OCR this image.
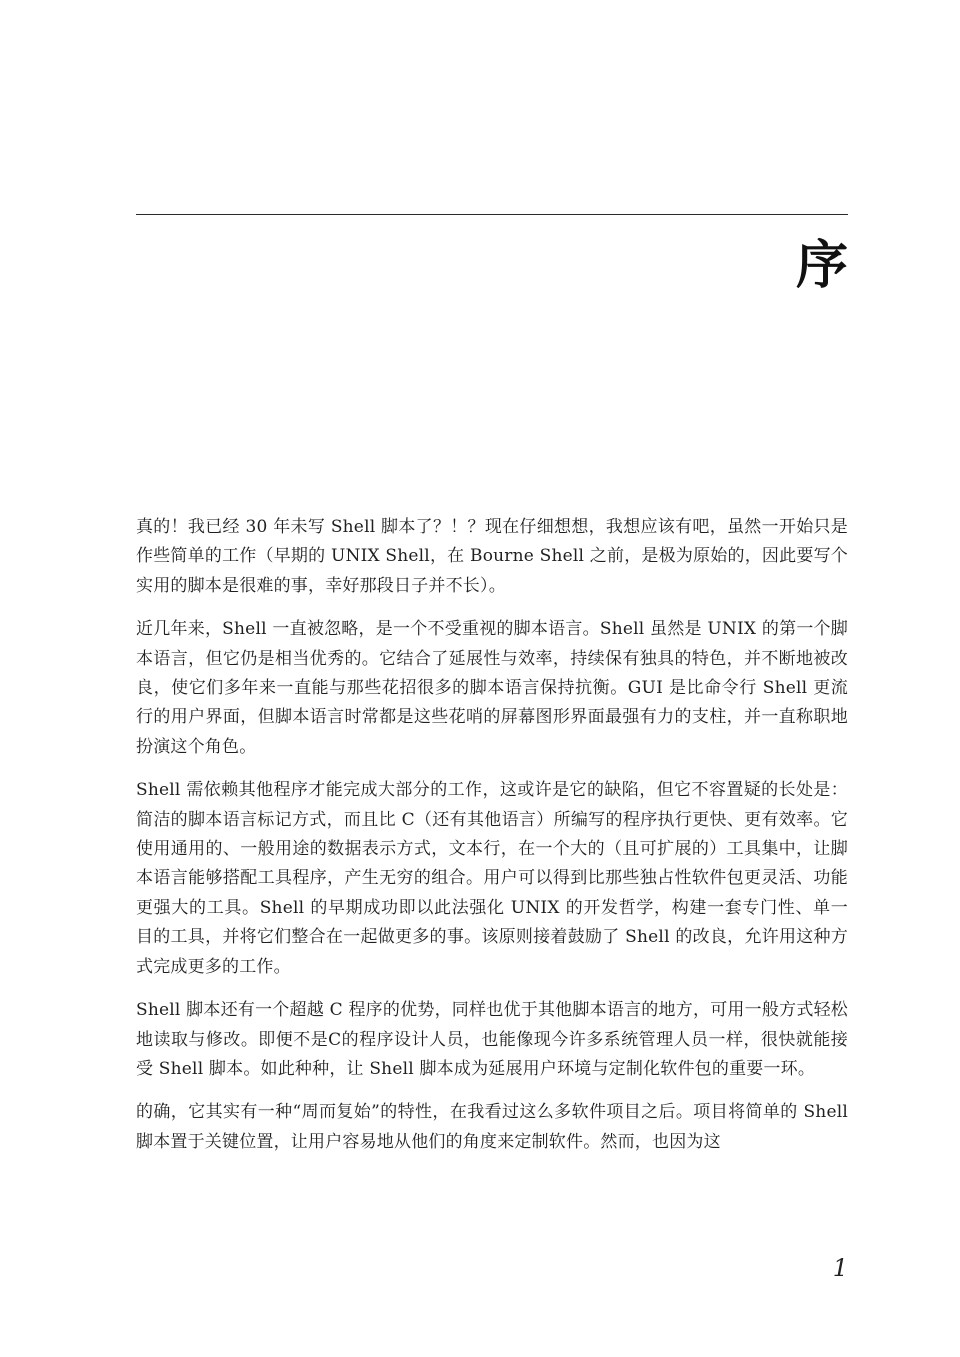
序

真的！我已经 30 年未写 Shell 脚本了？！？现在仔细想想，我想应该有吧，虽然一开始只是作些简单的工作（早期的 UNIX Shell，在 Bourne Shell 之前，是极为原始的，因此要写个实用的脚本是很难的事，幸好那段日子并不长）。

近几年来，Shell 一直被忽略，是一个不受重视的脚本语言。Shell 虽然是 UNIX 的第一个脚本语言，但它仍是相当优秀的。它结合了延展性与效率，持续保有独具的特色，并不断地被改良，使它们多年来一直能与那些花招很多的脚本语言保持抗衡。GUI 是比命令行 Shell 更流行的用户界面，但脚本语言时常都是这些花哨的屏幕图形界面最强有力的支柱，并一直称职地扮演这个角色。

Shell 需依赖其他程序才能完成大部分的工作，这或许是它的缺陷，但它不容置疑的长处是：简洁的脚本语言标记方式，而且比 C（还有其他语言）所编写的程序执行更快、更有效率。它使用通用的、一般用途的数据表示方式，文本行，在一个大的（且可扩展的）工具集中，让脚本语言能够搭配工具程序，产生无穷的组合。用户可以得到比那些独占性软件包更灵活、功能更强大的工具。Shell 的早期成功即以此法强化 UNIX 的开发哲学，构建一套专门性、单一目的工具，并将它们整合在一起做更多的事。该原则接着鼓励了 Shell 的改良，允许用这种方式完成更多的工作。

Shell 脚本还有一个超越 C 程序的优势，同样也优于其他脚本语言的地方，可用一般方式轻松地读取与修改。即便不是C的程序设计人员，也能像现今许多系统管理人员一样，很快就能接受 Shell 脚本。如此种种，让 Shell 脚本成为延展用户环境与定制化软件包的重要一环。

的确，它其实有一种“周而复始”的特性，在我看过这么多软件项目之后。项目将简单的 Shell 脚本置于关键位置，让用户容易地从他们的角度来定制软件。然而，也因为这

1
